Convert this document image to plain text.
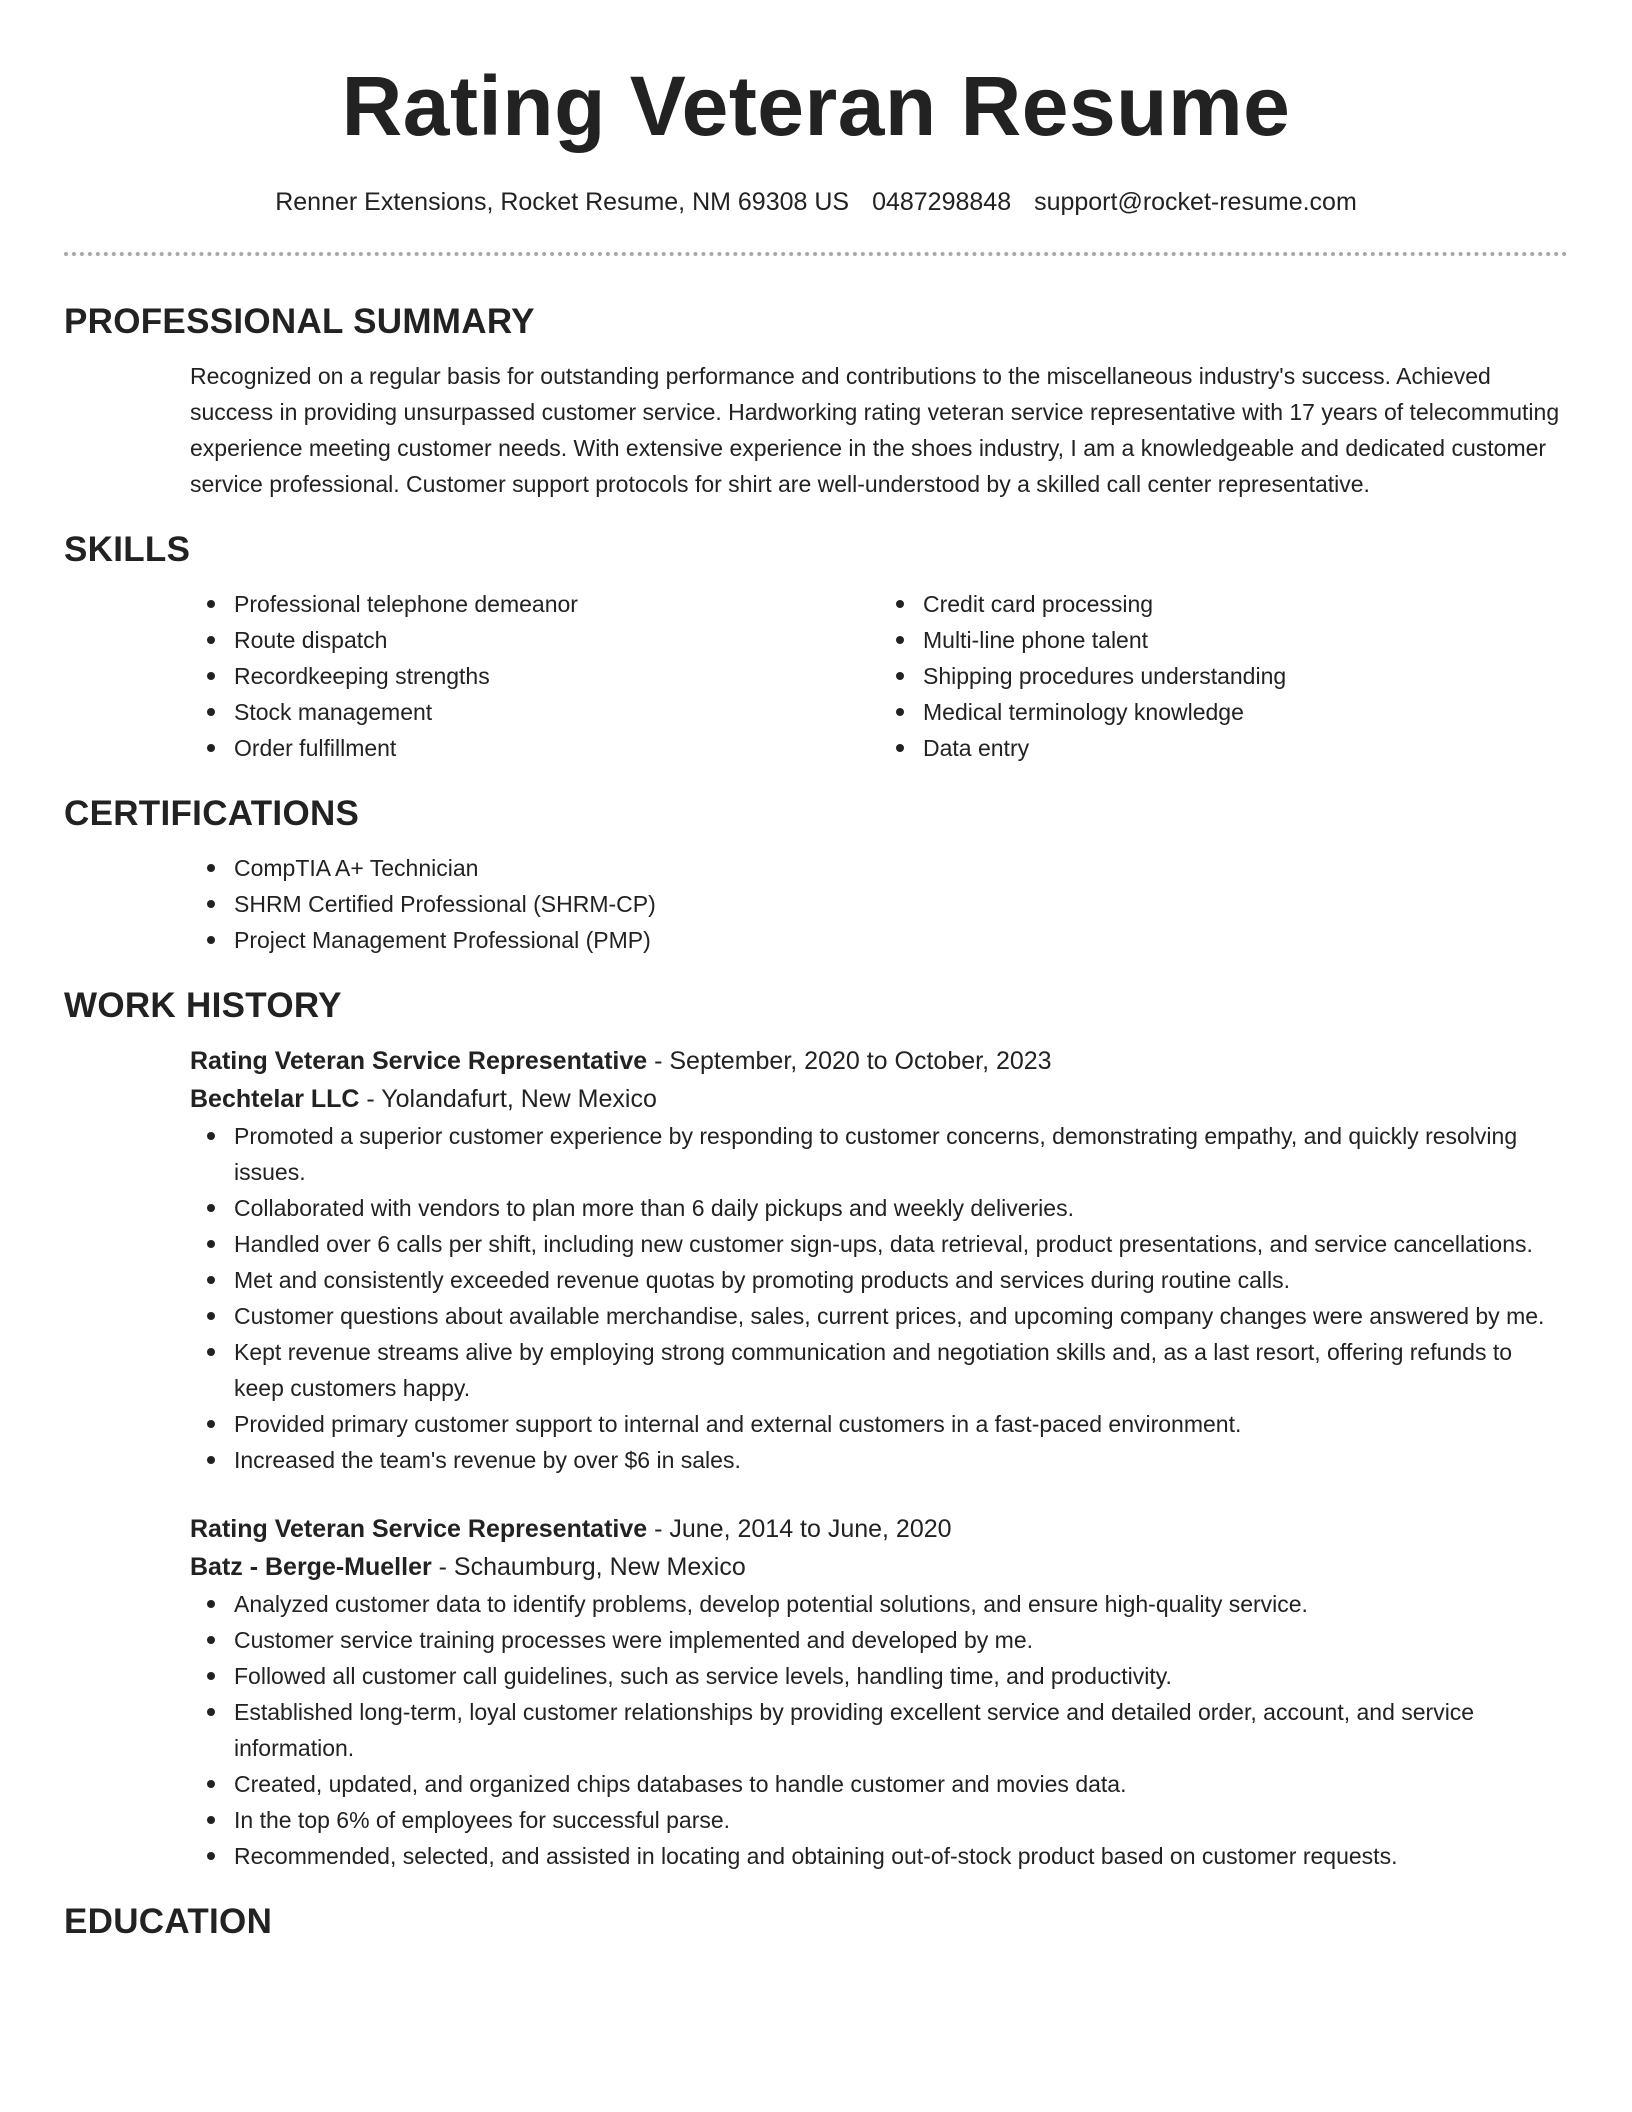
Rating Veteran Resume
Renner Extensions, Rocket Resume, NM 69308 US 0487298848 support@rocket-resume.com
PROFESSIONAL SUMMARY

Recognized on a regular basis for outstanding performance and contributions to the miscellaneous industry's success. Achieved success in providing unsurpassed customer service. Hardworking rating veteran service representative with 17 years of telecommuting experience meeting customer needs. With extensive experience in the shoes industry, I am a knowledgeable and dedicated customer service professional. Customer support protocols for shirt are well-understood by a skilled call center representative.

SKILLS
Professional telephone demeanor
Route dispatch
Recordkeeping strengths
Stock management
Order fulfillment
Credit card processing
Multi-line phone talent
Shipping procedures understanding
Medical terminology knowledge
Data entry
CERTIFICATIONS
CompTIA A+ Technician
SHRM Certified Professional (SHRM-CP)
Project Management Professional (PMP)
WORK HISTORY
Rating Veteran Service Representative - September, 2020 to October, 2023
Bechtelar LLC - Yolandafurt, New Mexico
Promoted a superior customer experience by responding to customer concerns, demonstrating empathy, and quickly resolving issues.
Collaborated with vendors to plan more than 6 daily pickups and weekly deliveries.
Handled over 6 calls per shift, including new customer sign-ups, data retrieval, product presentations, and service cancellations.
Met and consistently exceeded revenue quotas by promoting products and services during routine calls.
Customer questions about available merchandise, sales, current prices, and upcoming company changes were answered by me.
Kept revenue streams alive by employing strong communication and negotiation skills and, as a last resort, offering refunds to keep customers happy.
Provided primary customer support to internal and external customers in a fast-paced environment.
Increased the team's revenue by over $6 in sales.
Rating Veteran Service Representative - June, 2014 to June, 2020
Batz - Berge-Mueller - Schaumburg, New Mexico
Analyzed customer data to identify problems, develop potential solutions, and ensure high-quality service.
Customer service training processes were implemented and developed by me.
Followed all customer call guidelines, such as service levels, handling time, and productivity.
Established long-term, loyal customer relationships by providing excellent service and detailed order, account, and service information.
Created, updated, and organized chips databases to handle customer and movies data.
In the top 6% of employees for successful parse.
Recommended, selected, and assisted in locating and obtaining out-of-stock product based on customer requests.
EDUCATION
